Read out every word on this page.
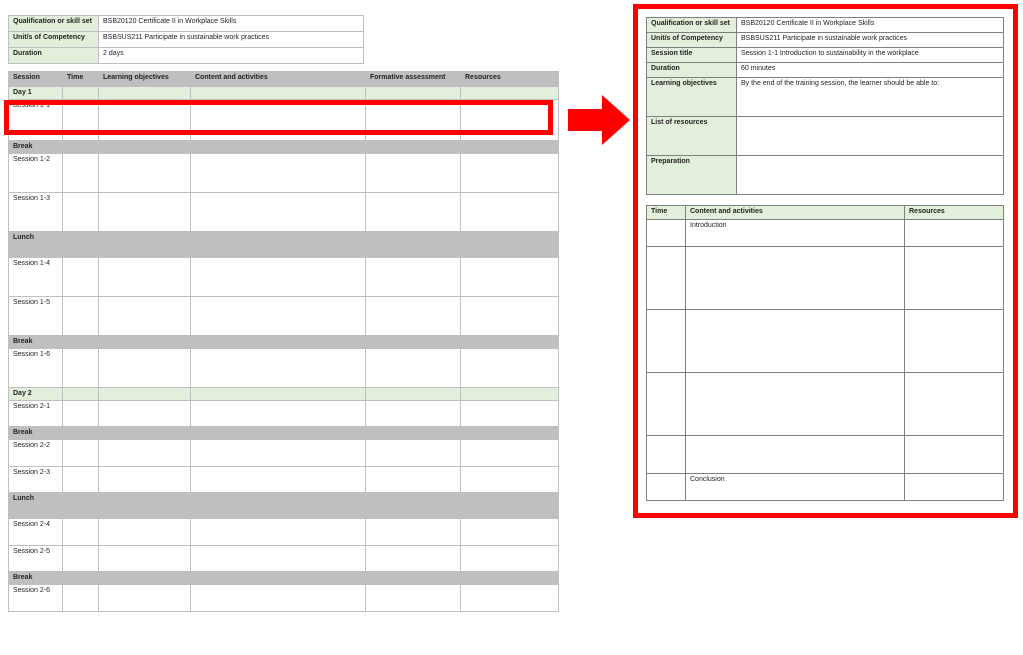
Qualification or skill set	BSB20120 Certificate II in Workplace Skills
Unit/s of Competency	BSBSUS211 Participate in sustainable work practices
Duration	2 days
Session	Time	Learning objectives	Content and activities	Formative assessment	Resources
Day 1					
Session 1-1					
Break					
Session 1-2					
Session 1-3					
Lunch					
Session 1-4					
Session 1-5					
Break					
Session 1-6					
Day 2					
Session 2-1					
Break					
Session 2-2					
Session 2-3					
Lunch					
Session 2-4					
Session 2-5					
Break					
Session 2-6					
Qualification or skill set	BSB20120 Certificate II in Workplace Skills
Unit/s of Competency	BSBSUS211 Participate in sustainable work practices
Session title	Session 1-1 Introduction to sustainability in the workplace
Duration	60 minutes
Learning objectives	By the end of the training session, the learner should be able to:
List of resources	
Preparation	
Time	Content and activities	Resources
	Introduction	

	Conclusion	
